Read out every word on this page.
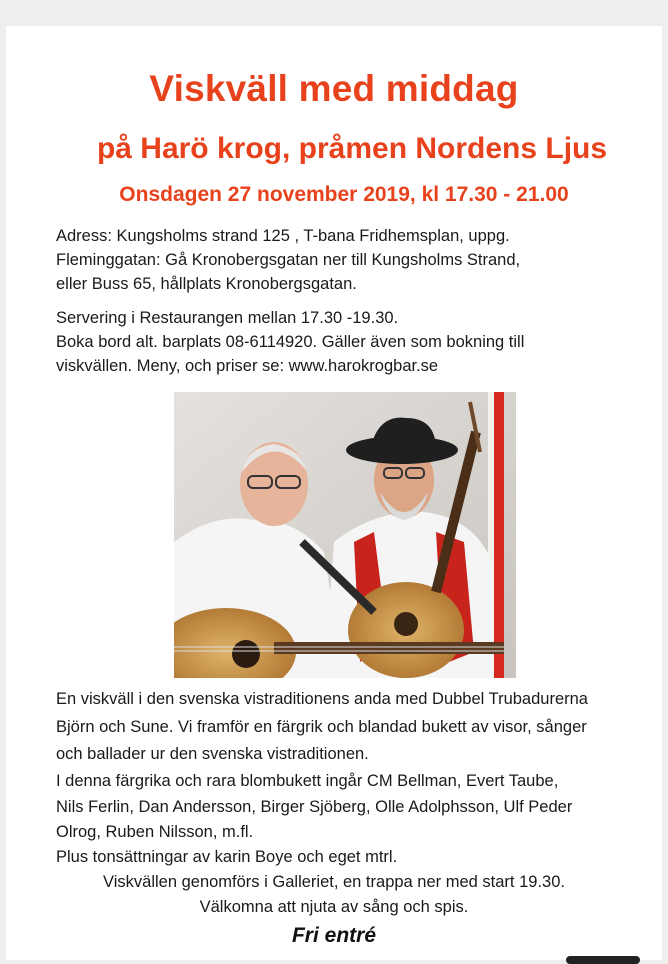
Viskväll med middag
på Harö krog, pråmen Nordens Ljus
Onsdagen 27 november 2019, kl 17.30 - 21.00
Adress: Kungsholms strand 125 , T-bana Fridhemsplan, uppg.
Fleminggatan: Gå Kronobergsgatan ner till Kungsholms Strand,
eller Buss 65, hållplats Kronobergsgatan.
Servering i Restaurangen mellan 17.30 -19.30.
Boka bord alt. barplats 08-6114920. Gäller även som bokning till
viskvällen. Meny, och priser se: www.harokrogbar.se
En viskväll i den svenska vistraditionens anda med Dubbel Trubadurerna
Björn och Sune. Vi framför en färgrik och blandad bukett av visor, sånger
och ballader ur den svenska vistraditionen.
I denna färgrika och rara blombukett ingår CM Bellman, Evert Taube,
Nils Ferlin, Dan Andersson, Birger Sjöberg, Olle Adolphsson, Ulf Peder
Olrog, Ruben Nilsson, m.fl.
Plus tonsättningar av karin Boye och eget mtrl.
Viskvällen genomförs i Galleriet, en trappa ner med start 19.30.
Välkomna att njuta av sång och spis.
Fri entré
